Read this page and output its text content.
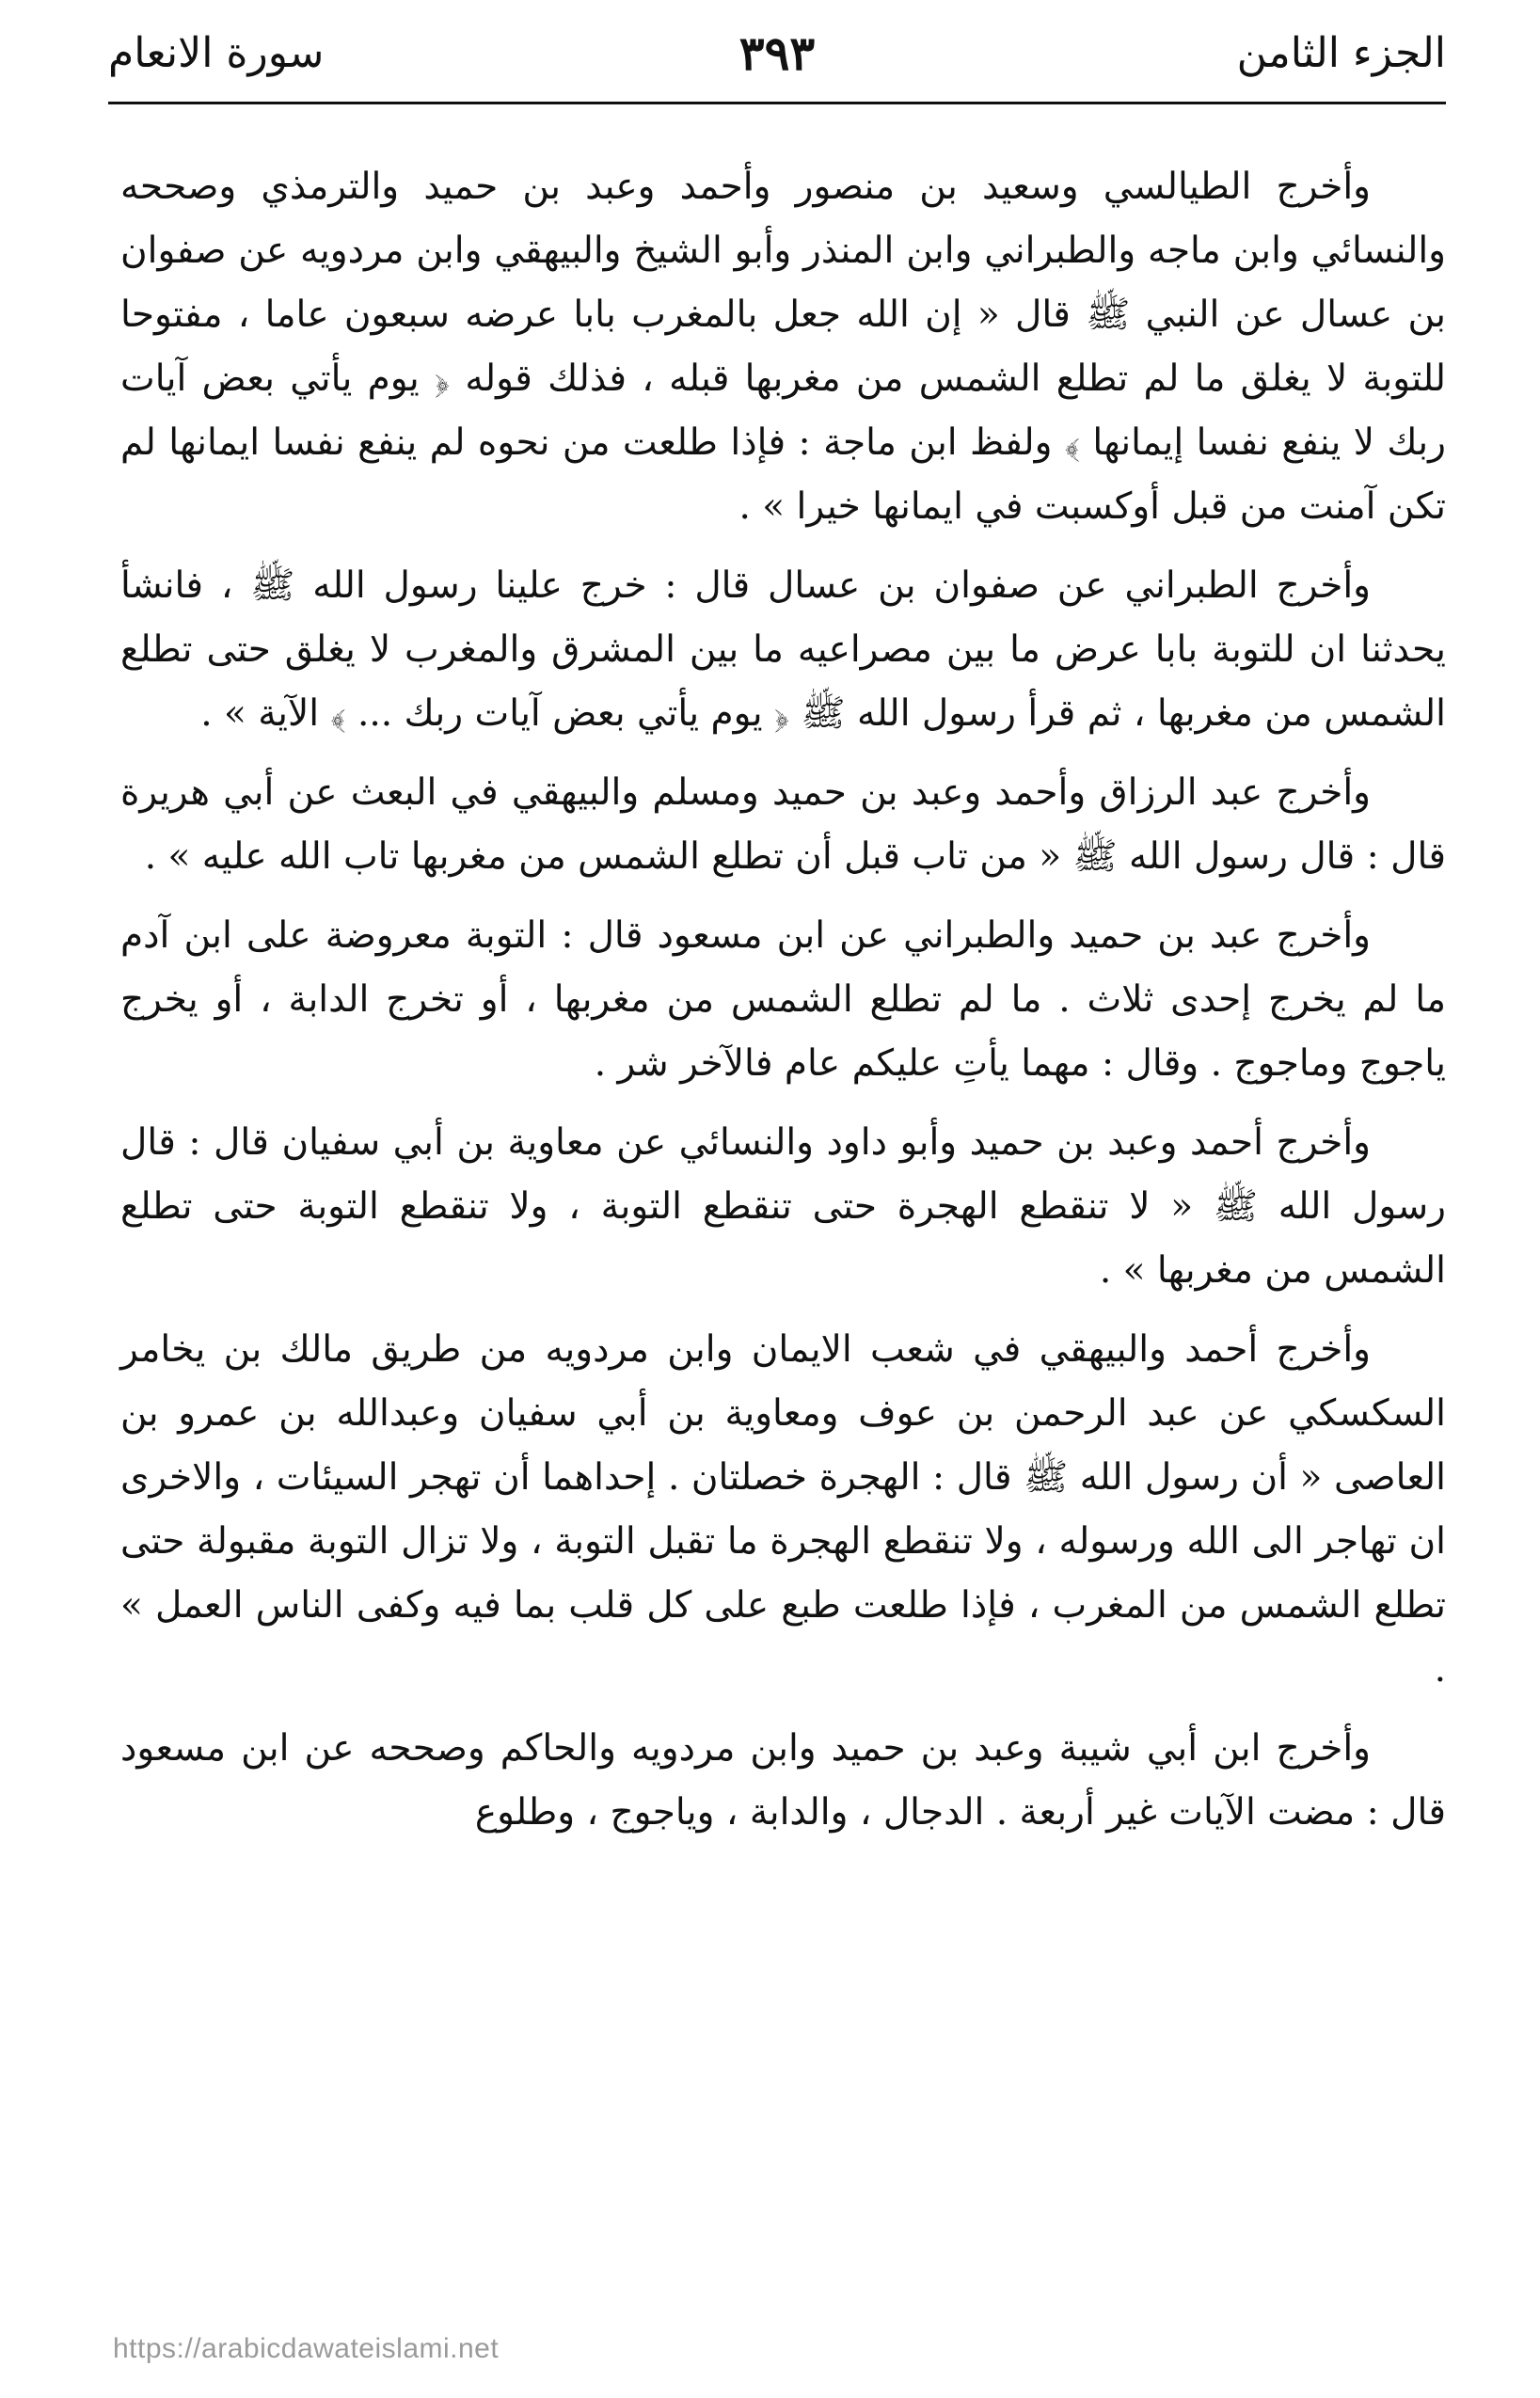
الجزء الثامن
٣٩٣
سورة الانعام

وأخرج الطيالسي وسعيد بن منصور وأحمد وعبد بن حميد والترمذي وصححه والنسائي وابن ماجه والطبراني وابن المنذر وأبو الشيخ والبيهقي وابن مردويه عن صفوان بن عسال عن النبي ﷺ قال « إن الله جعل بالمغرب بابا عرضه سبعون عاما ، مفتوحا للتوبة لا يغلق ما لم تطلع الشمس من مغربها قبله ، فذلك قوله ﴿ يوم يأتي بعض آيات ربك لا ينفع نفسا إيمانها ﴾ ولفظ ابن ماجة : فإذا طلعت من نحوه لم ينفع نفسا ايمانها لم تكن آمنت من قبل أوكسبت في ايمانها خيرا » .

وأخرج الطبراني عن صفوان بن عسال قال : خرج علينا رسول الله ﷺ ، فانشأ يحدثنا ان للتوبة بابا عرض ما بين مصراعيه ما بين المشرق والمغرب لا يغلق حتى تطلع الشمس من مغربها ، ثم قرأ رسول الله ﷺ ﴿ يوم يأتي بعض آيات ربك ... ﴾ الآية » .

وأخرج عبد الرزاق وأحمد وعبد بن حميد ومسلم والبيهقي في البعث عن أبي هريرة قال : قال رسول الله ﷺ « من تاب قبل أن تطلع الشمس من مغربها تاب الله عليه » .

وأخرج عبد بن حميد والطبراني عن ابن مسعود قال : التوبة معروضة على ابن آدم ما لم يخرج إحدى ثلاث . ما لم تطلع الشمس من مغربها ، أو تخرج الدابة ، أو يخرج ياجوج وماجوج . وقال : مهما يأتِ عليكم عام فالآخر شر .

وأخرج أحمد وعبد بن حميد وأبو داود والنسائي عن معاوية بن أبي سفيان قال : قال رسول الله ﷺ « لا تنقطع الهجرة حتى تنقطع التوبة ، ولا تنقطع التوبة حتى تطلع الشمس من مغربها » .

وأخرج أحمد والبيهقي في شعب الايمان وابن مردويه من طريق مالك بن يخامر السكسكي عن عبد الرحمن بن عوف ومعاوية بن أبي سفيان وعبدالله بن عمرو بن العاصى « أن رسول الله ﷺ قال : الهجرة خصلتان . إحداهما أن تهجر السيئات ، والاخرى ان تهاجر الى الله ورسوله ، ولا تنقطع الهجرة ما تقبل التوبة ، ولا تزال التوبة مقبولة حتى تطلع الشمس من المغرب ، فإذا طلعت طبع على كل قلب بما فيه وكفى الناس العمل » .

وأخرج ابن أبي شيبة وعبد بن حميد وابن مردويه والحاكم وصححه عن ابن مسعود قال : مضت الآيات غير أربعة . الدجال ، والدابة ، وياجوج ، وطلوع

https://arabicdawateislami.net
